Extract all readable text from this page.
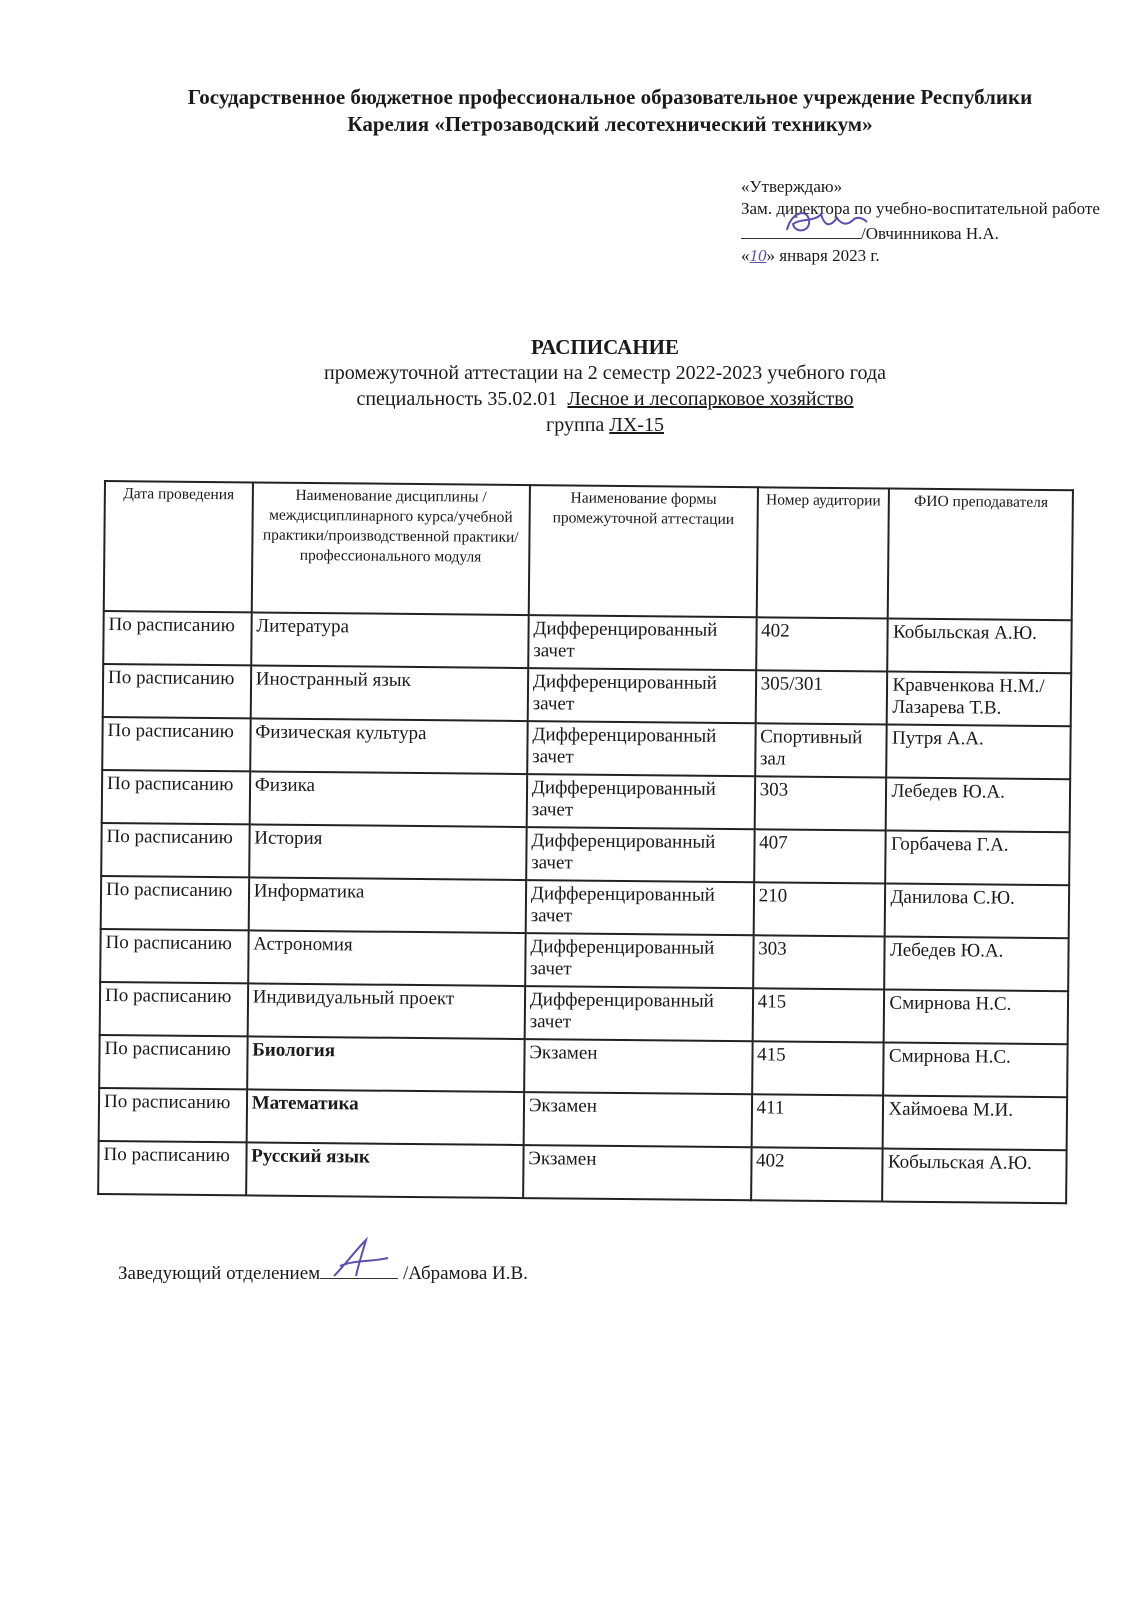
Государственное бюджетное профессиональное образовательное учреждение Республики
Карелия «Петрозаводский лесотехнический техникум»
«Утверждаю»
Зам. директора по учебно-воспитательной работе
/Овчинникова Н.А.
«10» января 2023 г.
РАСПИСАНИЕ
промежуточной аттестации на 2 семестр 2022-2023 учебного года
специальность 35.02.01 Лесное и лесопарковое хозяйство
группа ЛХ-15
Дата проведения	Наименование дисциплины /междисциплинарного курса/учебной практики/производственной практики/профессионального модуля	Наименование формы промежуточной аттестации	Номер аудитории	ФИО преподавателя
По расписанию	Литература	Дифференцированный зачет	402	Кобыльская А.Ю.
По расписанию	Иностранный язык	Дифференцированный зачет	305/301	Кравченкова Н.М./ Лазарева Т.В.
По расписанию	Физическая культура	Дифференцированный зачет	Спортивный зал	Путря А.А.
По расписанию	Физика	Дифференцированный зачет	303	Лебедев Ю.А.
По расписанию	История	Дифференцированный зачет	407	Горбачева Г.А.
По расписанию	Информатика	Дифференцированный зачет	210	Данилова С.Ю.
По расписанию	Астрономия	Дифференцированный зачет	303	Лебедев Ю.А.
По расписанию	Индивидуальный проект	Дифференцированный зачет	415	Смирнова Н.С.
По расписанию	Биология	Экзамен	415	Смирнова Н.С.
По расписанию	Математика	Экзамен	411	Хаймоева М.И.
По расписанию	Русский язык	Экзамен	402	Кобыльская А.Ю.
Заведующий отделением	/Абрамова И.В.
